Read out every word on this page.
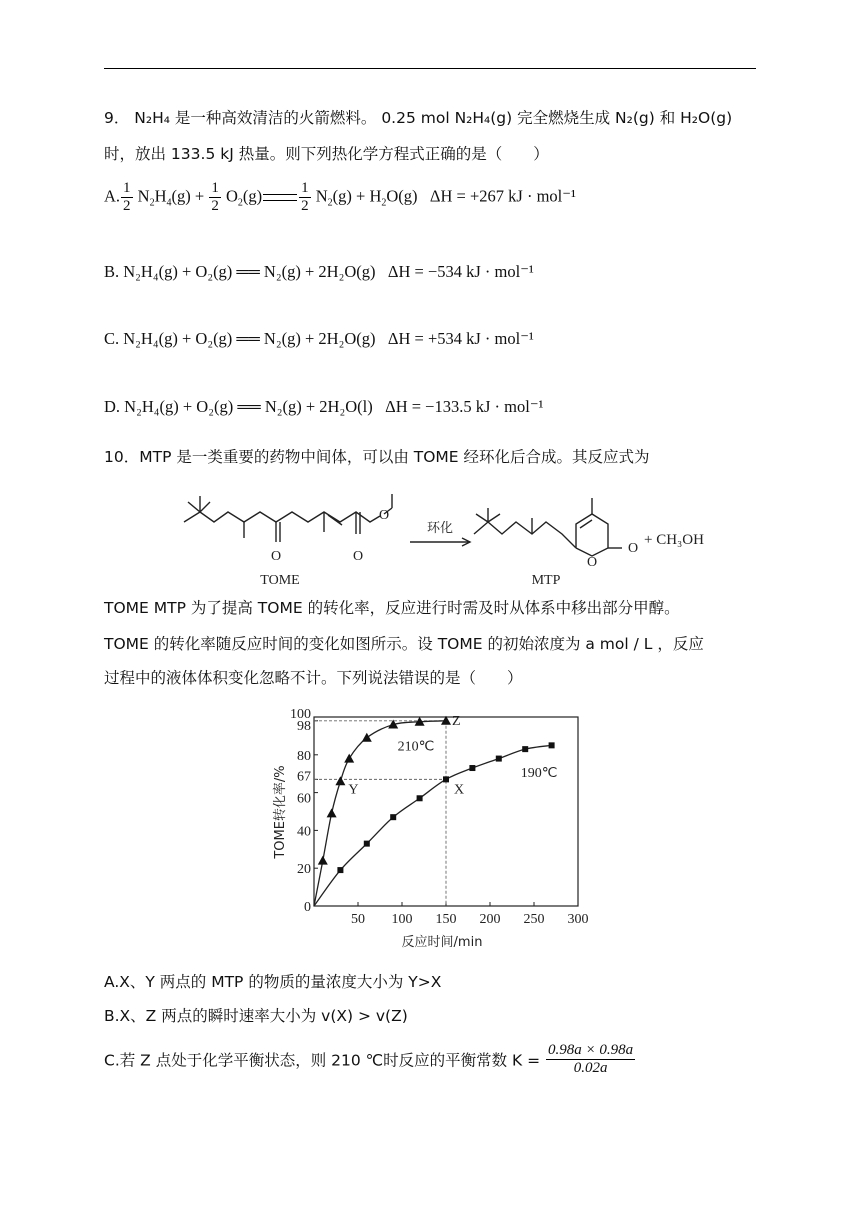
9． N₂H₄ 是一种高效清洁的火箭燃料。 0.25 mol N₂H₄(g) 完全燃烧生成 N₂(g) 和 H₂O(g)
时，放出 133.5 kJ 热量。则下列热化学方程式正确的是（　　）
A. $\frac{1}{2} N_2H_4(g) + \frac{1}{2} O_2(g) \frac{1}{2} N_2(g) + H_2O(g) \Delta H = +267$ kJ · mol⁻¹
B. N₂H₄(g) + O₂(g) ══ N₂(g) + 2H₂O(g) ΔH = −534 kJ · mol⁻¹
C. N₂H₄(g) + O₂(g) ══ N₂(g) + 2H₂O(g) ΔH = +534 kJ · mol⁻¹
D. N₂H₄(g) + O₂(g) ══ N₂(g) + 2H₂O(l) ΔH = −133.5 kJ · mol⁻¹
10．MTP 是一类重要的药物中间体，可以由 TOME 经环化后合成。其反应式为
O	O
O
O
O
+ CH₃OH
TOME	MTP
环化
TOME MTP 为了提高 TOME 的转化率，反应进行时需及时从体系中移出部分甲醇。
TOME 的转化率随反应时间的变化如图所示。设 TOME 的初始浓度为 a mol / L ，反应
过程中的液体体积变化忽略不计。下列说法错误的是（　　）
50 100 150 200 250 300
0
20
40
60
67
80
98
100
210℃
190℃
Y	X
Z
反应时间/min
TOME转化率/%
A.X、Y 两点的 MTP 的物质的量浓度大小为 Y>X
B.X、Z 两点的瞬时速率大小为 v(X) > v(Z)
C.若 Z 点处于化学平衡状态，则 210 ℃时反应的平衡常数 $K = \frac{0.98a \times 0.98a}{0.02a}$
